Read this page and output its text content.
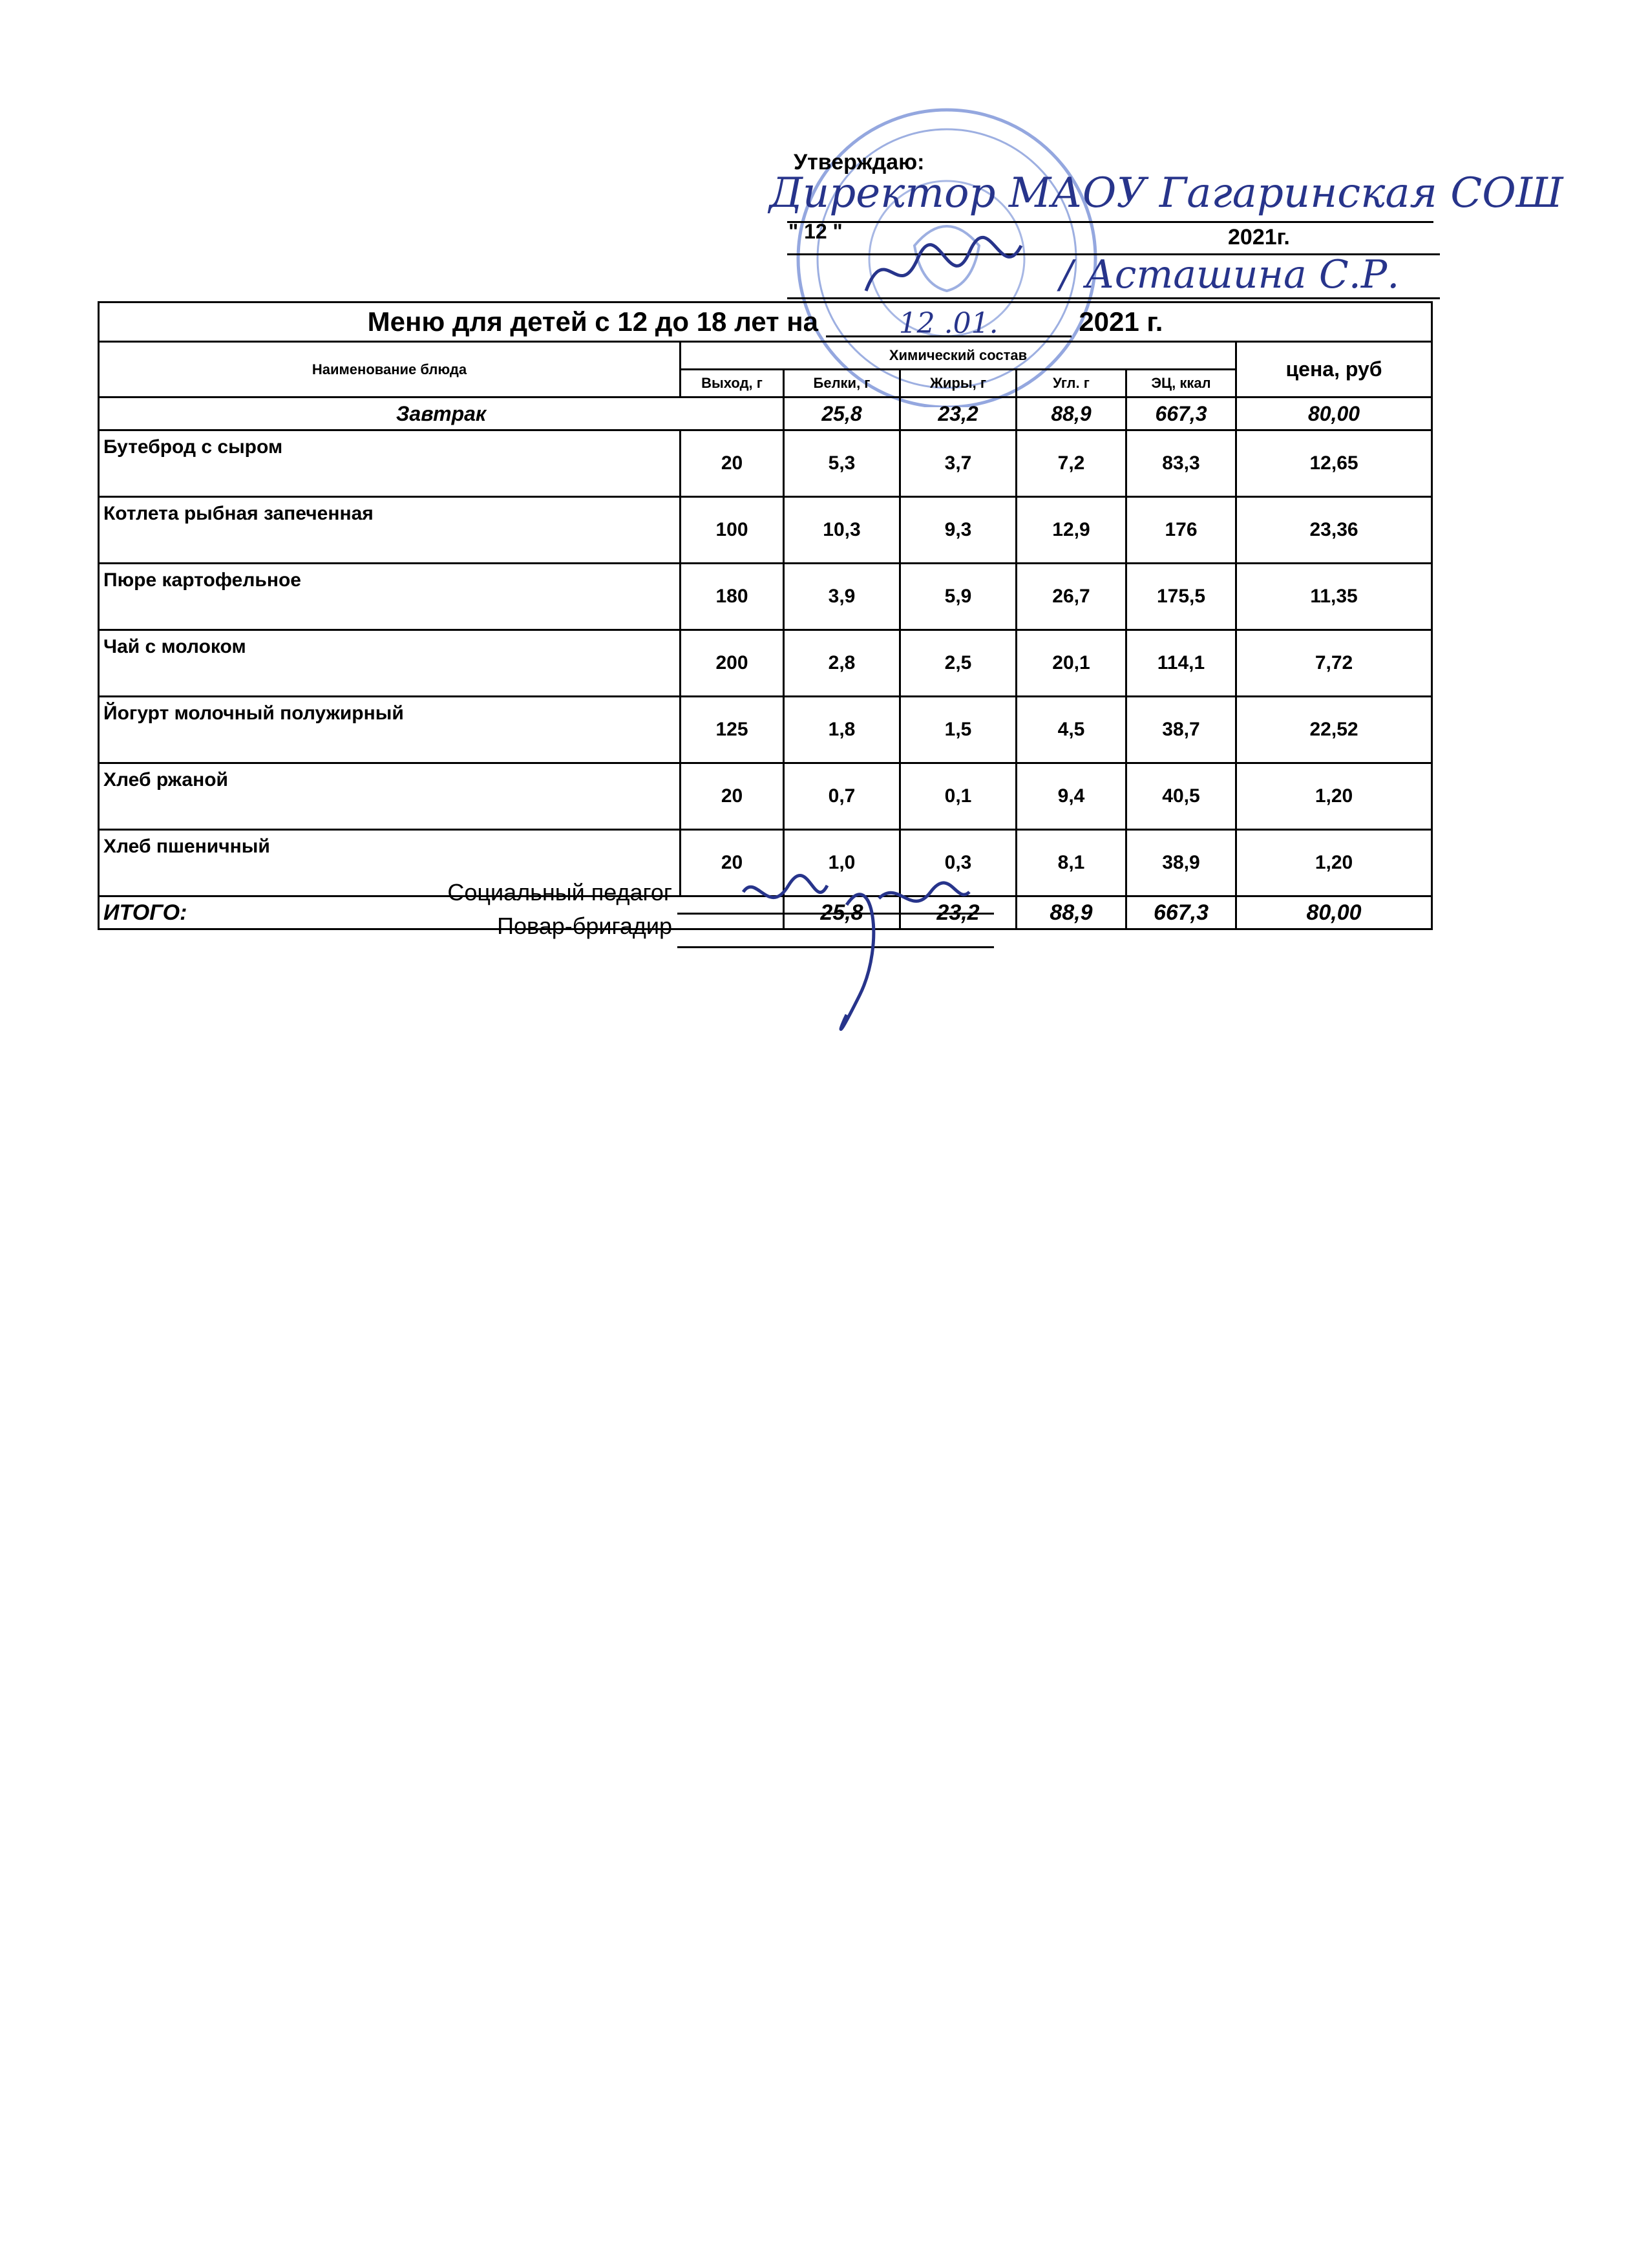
Утверждаю:
Директор МАОУ Гагаринская СОШ
" 12 "	2021г.
/ Асташина С.Р.
Меню для детей с 12 до 18 лет на 12 .01. 2021 г.						
Наименование блюда	Химический состав					цена, руб
	Выход, г	Белки, г	Жиры, г	Угл. г	ЭЦ, ккал	
Завтрак		25,8	23,2	88,9	667,3	80,00
Бутеброд с сыром	20	5,3	3,7	7,2	83,3	12,65
Котлета рыбная запеченная	100	10,3	9,3	12,9	176	23,36
Пюре картофельное	180	3,9	5,9	26,7	175,5	11,35
Чай с молоком	200	2,8	2,5	20,1	114,1	7,72
Йогурт молочный полужирный	125	1,8	1,5	4,5	38,7	22,52
Хлеб ржаной	20	0,7	0,1	9,4	40,5	1,20
Хлеб пшеничный	20	1,0	0,3	8,1	38,9	1,20
ИТОГО:		25,8	23,2	88,9	667,3	80,00
Социальный педагог
Повар-бригадир
